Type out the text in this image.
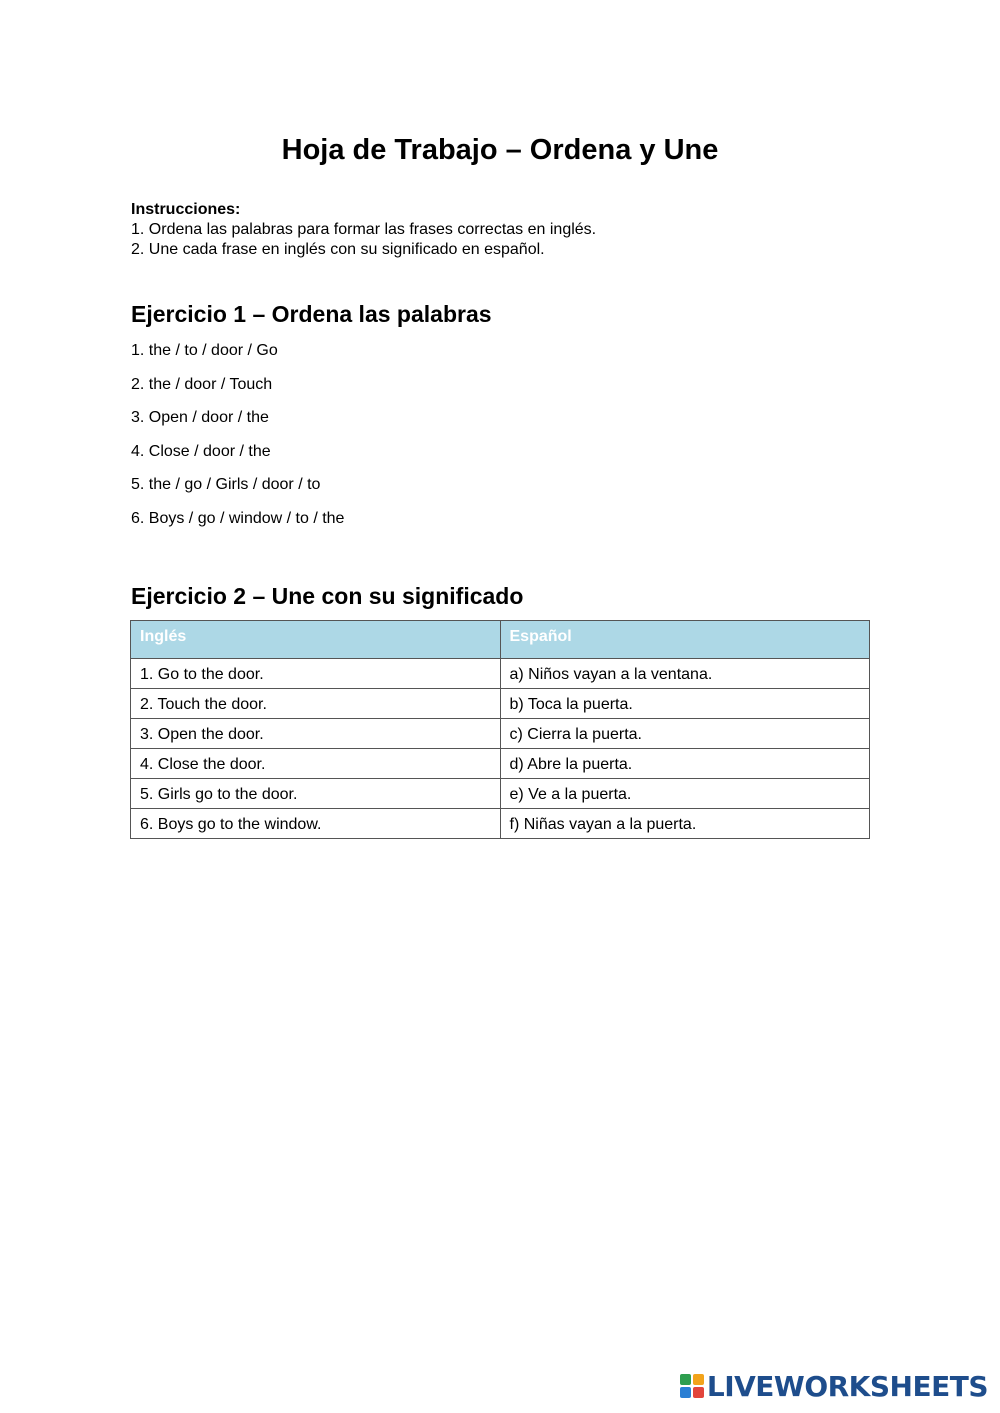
Hoja de Trabajo – Ordena y Une
Instrucciones:
1. Ordena las palabras para formar las frases correctas en inglés.
2. Une cada frase en inglés con su significado en español.
Ejercicio 1 – Ordena las palabras
1. the / to / door / Go
2. the / door / Touch
3. Open / door / the
4. Close / door / the
5. the / go / Girls / door / to
6. Boys / go / window / to / the
Ejercicio 2 – Une con su significado
Inglés	Español
1. Go to the door.	a) Niños vayan a la ventana.
2. Touch the door.	b) Toca la puerta.
3. Open the door.	c) Cierra la puerta.
4. Close the door.	d) Abre la puerta.
5. Girls go to the door.	e) Ve a la puerta.
6. Boys go to the window.	f) Niñas vayan a la puerta.
LIVEWORKSHEETS
